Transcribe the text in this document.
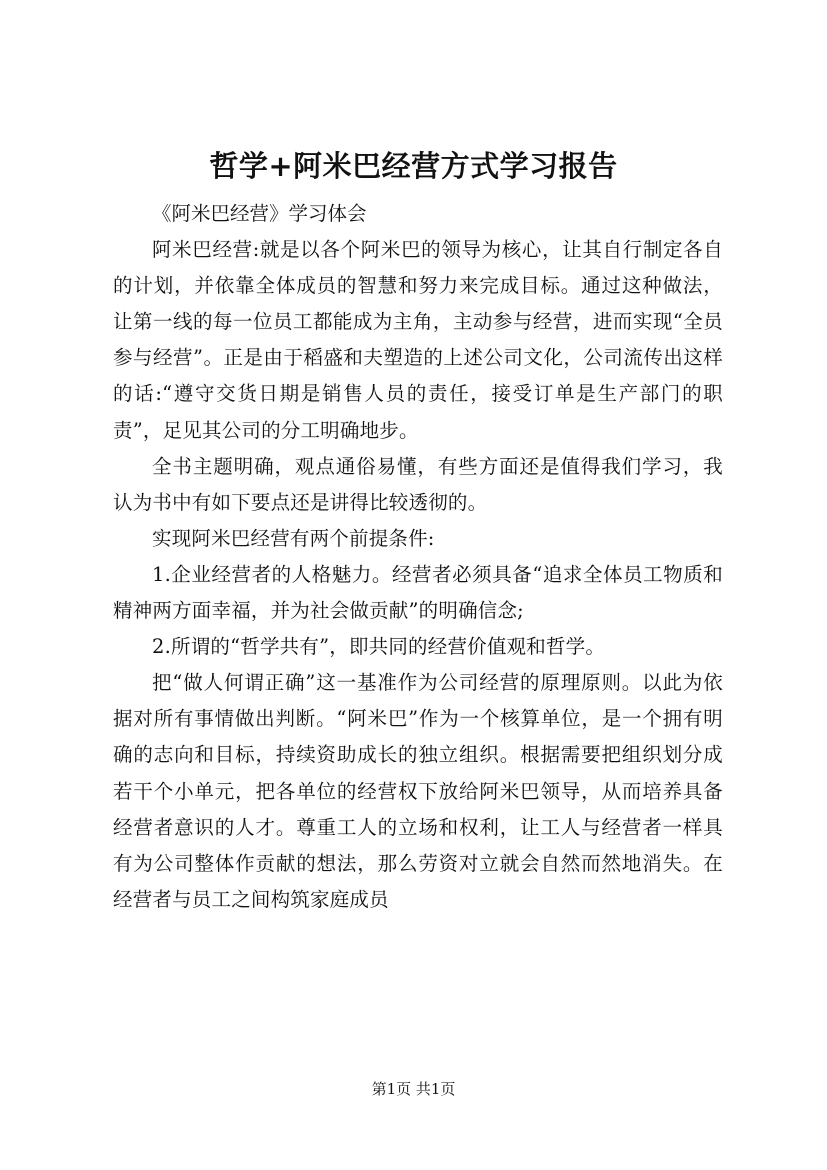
哲学+阿米巴经营方式学习报告

《阿米巴经营》学习体会

阿米巴经营:就是以各个阿米巴的领导为核心，让其自行制定各自的计划，并依靠全体成员的智慧和努力来完成目标。通过这种做法，让第一线的每一位员工都能成为主角，主动参与经营，进而实现“全员参与经营”。正是由于稻盛和夫塑造的上述公司文化，公司流传出这样的话:“遵守交货日期是销售人员的责任，接受订单是生产部门的职责”，足见其公司的分工明确地步。

全书主题明确，观点通俗易懂，有些方面还是值得我们学习，我认为书中有如下要点还是讲得比较透彻的。

实现阿米巴经营有两个前提条件:

1.企业经营者的人格魅力。经营者必须具备“追求全体员工物质和精神两方面幸福，并为社会做贡献”的明确信念;

2.所谓的“哲学共有”，即共同的经营价值观和哲学。

把“做人何谓正确”这一基准作为公司经营的原理原则。以此为依据对所有事情做出判断。“阿米巴”作为一个核算单位，是一个拥有明确的志向和目标，持续资助成长的独立组织。根据需要把组织划分成若干个小单元，把各单位的经营权下放给阿米巴领导，从而培养具备经营者意识的人才。尊重工人的立场和权利，让工人与经营者一样具有为公司整体作贡献的想法，那么劳资对立就会自然而然地消失。在经营者与员工之间构筑家庭成员

第1页 共1页
